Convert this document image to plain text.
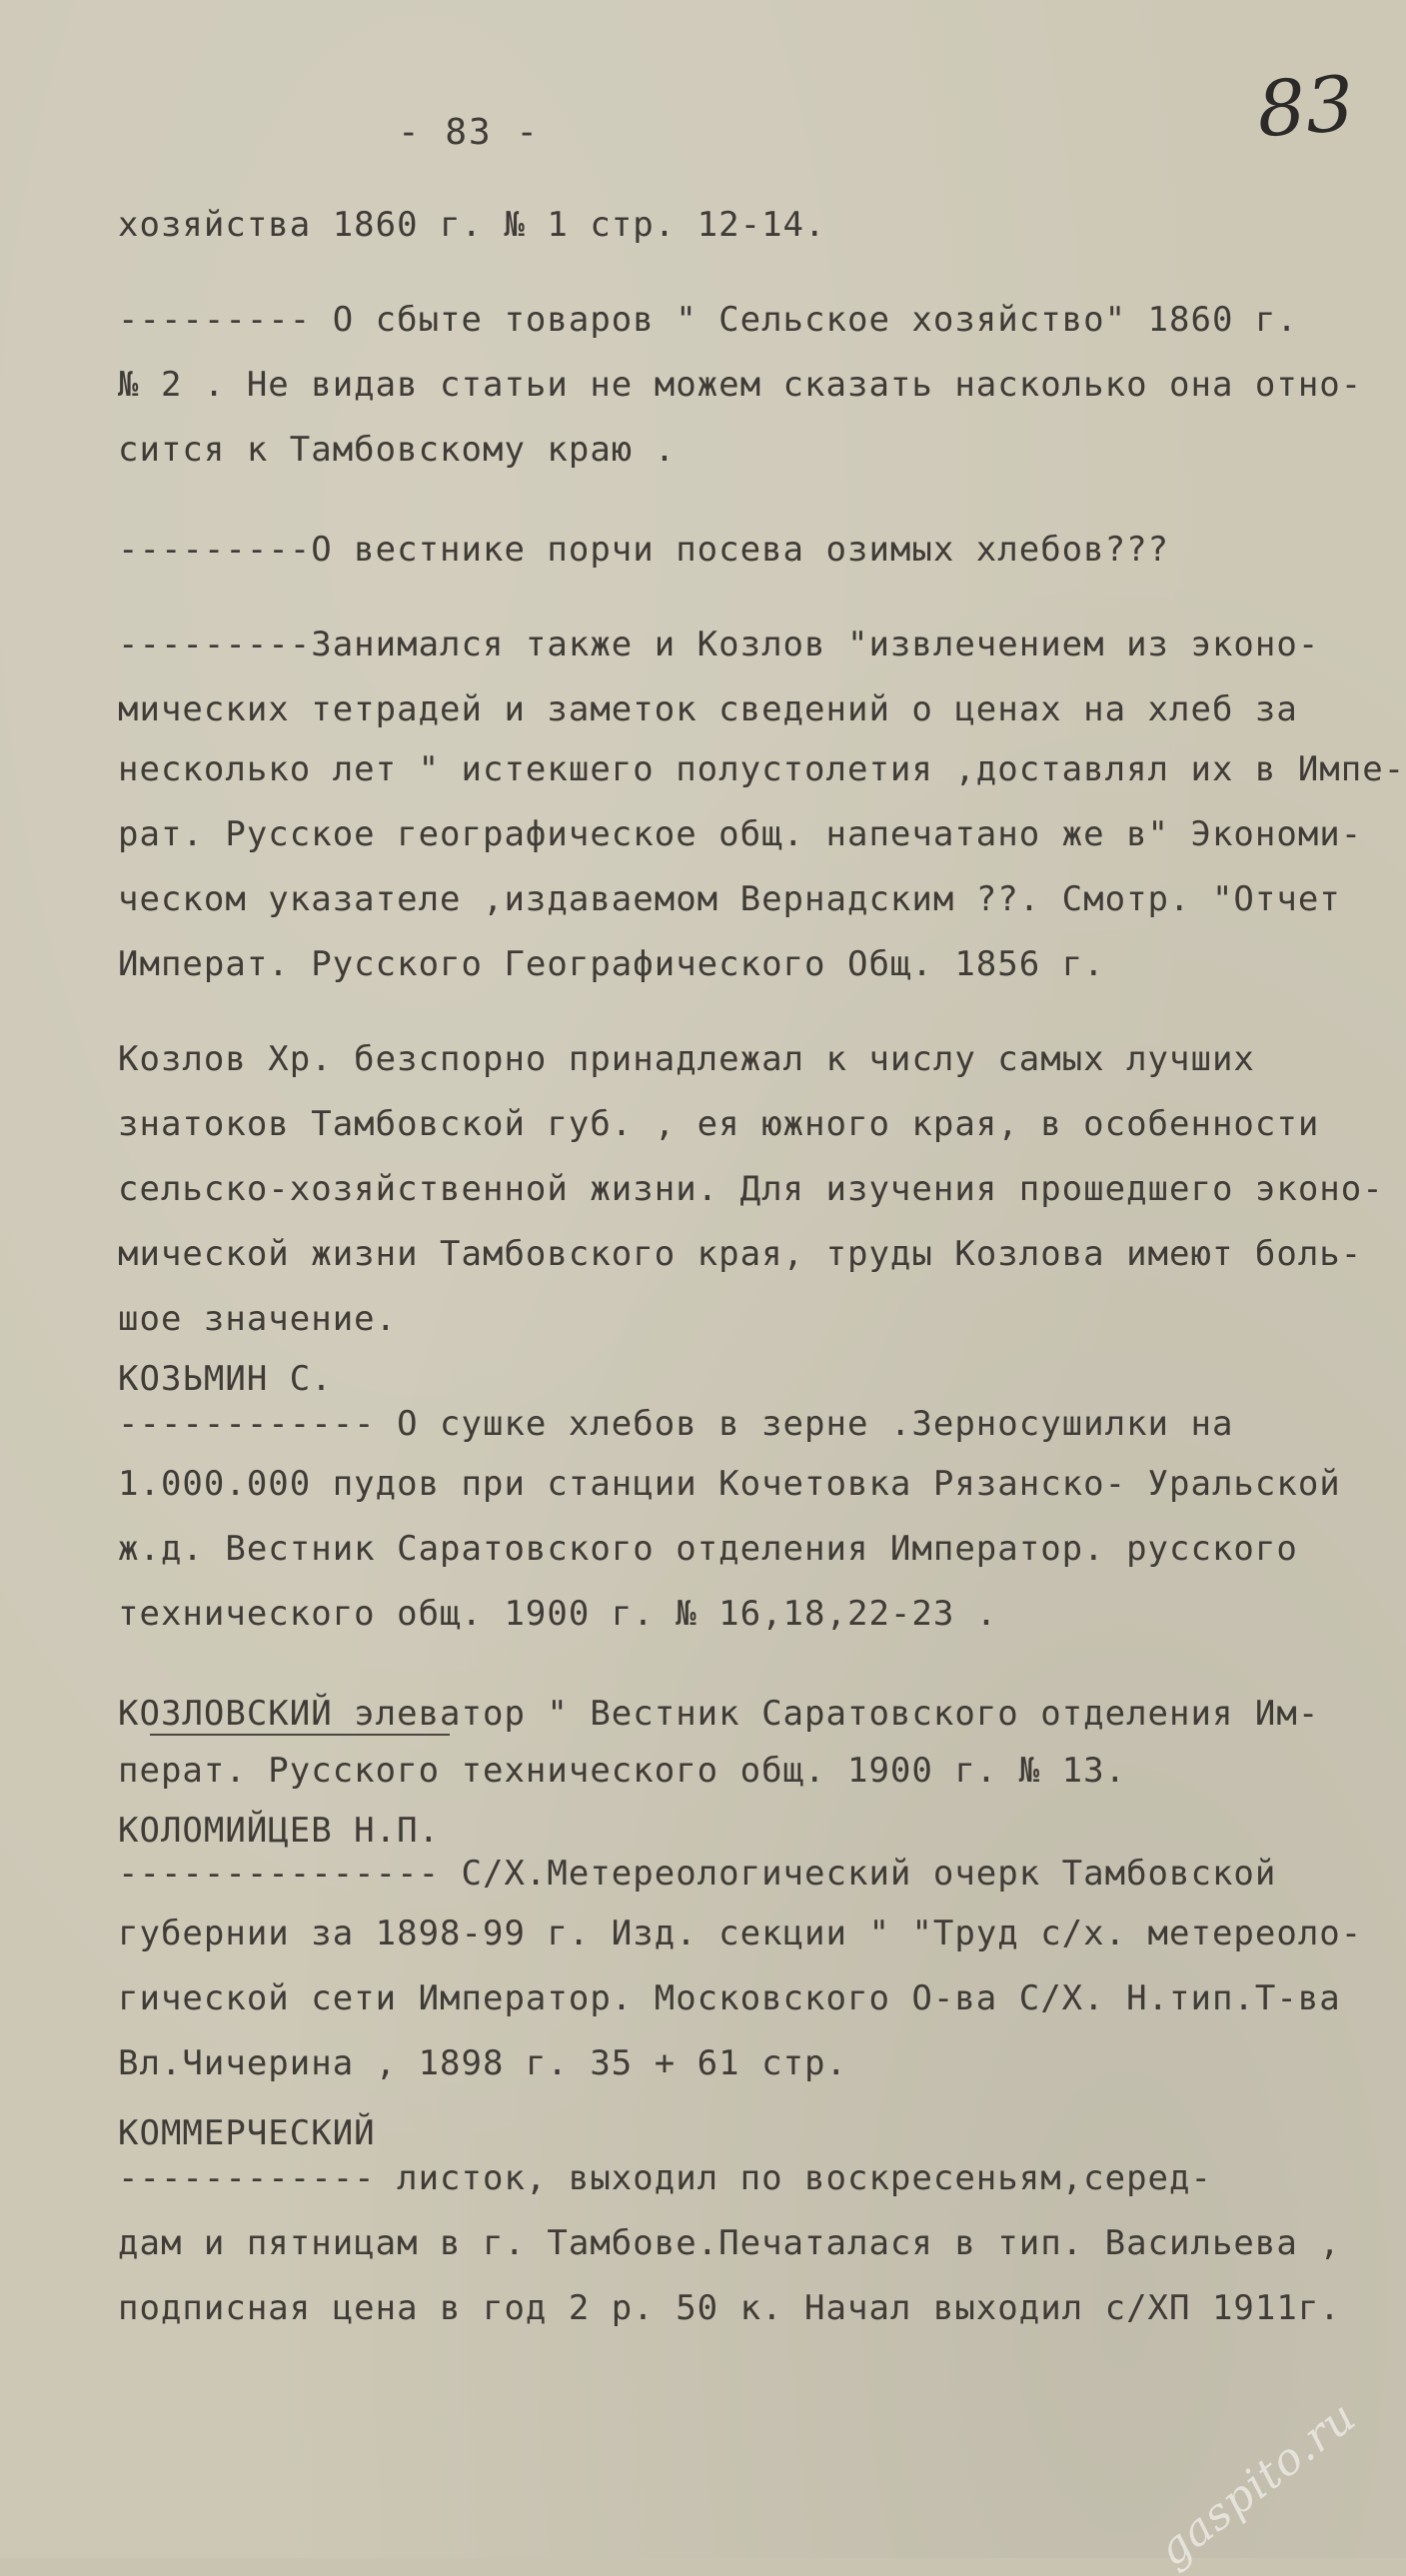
- 83 -	83
хозяйства 1860 г. № 1 стр. 12-14.
--------- О сбыте товаров " Сельское хозяйство" 1860 г.
№ 2 . Не видав статьи не можем сказать насколько она отно-
сится к Тамбовскому краю .
---------О вестнике порчи посева озимых хлебов???
---------Занимался также и Козлов "извлечением из эконо-
мических тетрадей и заметок сведений о ценах на хлеб за
несколько лет " истекшего полустолетия ,доставлял их в Импе-
рат. Русское географическое общ. напечатано же в" Экономи-
ческом указателе ,издаваемом Вернадским ??. Смотр. "Отчет
Императ. Русского Географического Общ. 1856 г.
Козлов Хр. безспорно принадлежал к числу самых лучших
знатоков Тамбовской губ. , ея южного края, в особенности
сельско-хозяйственной жизни. Для изучения прошедшего эконо-
мической жизни Тамбовского края, труды Козлова имеют боль-
шое значение.
КОЗЬМИН С.
------------ О сушке хлебов в зерне .Зерносушилки на
1.000.000 пудов при станции Кочетовка Рязанско- Уральской
ж.д. Вестник Саратовского отделения Император. русского
технического общ. 1900 г. № 16,18,22-23 .
КОЗЛОВСКИЙ элеватор " Вестник Саратовского отделения Им-
перат. Русского технического общ. 1900 г. № 13.
КОЛОМИЙЦЕВ Н.П.
--------------- С/Х.Метереологический очерк Тамбовской
губернии за 1898-99 г. Изд. секции " "Труд с/х. метереоло-
гической сети Император. Московского О-ва С/Х. Н.тип.Т-ва
Вл.Чичерина , 1898 г. 35 + 61 стр.
КОММЕРЧЕСКИЙ
------------ листок, выходил по воскресеньям,серед-
дам и пятницам в г. Тамбове.Печаталася в тип. Васильева ,
подписная цена в год 2 р. 50 к. Начал выходил с/ХП 1911г.
gaspito.ru
